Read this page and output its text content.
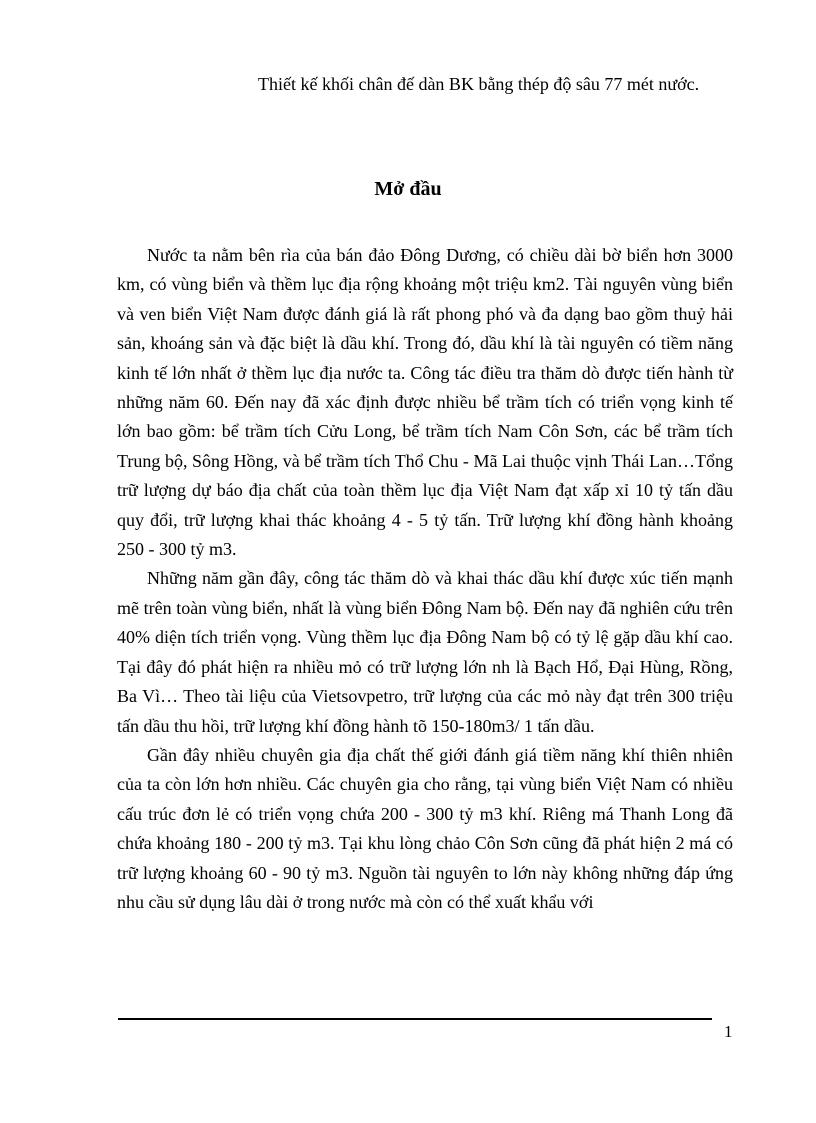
Thiết kế khối chân đế dàn BK bằng thép độ sâu 77 mét nước.
Mở đầu

Nước ta nằm bên rìa của bán đảo Đông Dương, có chiều dài bờ biển hơn 3000 km, có vùng biển và thềm lục địa rộng khoảng một triệu km2. Tài nguyên vùng biển và ven biển Việt Nam được đánh giá là rất phong phó và đa dạng bao gồm thuỷ hải sản, khoáng sản và đặc biệt là dầu khí. Trong đó, dầu khí là tài nguyên có tiềm năng kinh tế lớn nhất ở thềm lục địa nước ta. Công tác điều tra thăm dò được tiến hành từ những năm 60. Đến nay đã xác định được nhiều bể trầm tích có triển vọng kinh tế lớn bao gồm: bể trầm tích Cửu Long, bể trầm tích Nam Côn Sơn, các bể trầm tích Trung bộ, Sông Hồng, và bể trầm tích Thổ Chu - Mã Lai thuộc vịnh Thái Lan…Tổng trữ lượng dự báo địa chất của toàn thềm lục địa Việt Nam đạt xấp xỉ 10 tỷ tấn dầu quy đổi, trữ lượng khai thác khoảng 4 - 5 tỷ tấn. Trữ lượng khí đồng hành khoảng 250 - 300 tỷ m3.

Những năm gần đây, công tác thăm dò và khai thác dầu khí được xúc tiến mạnh mẽ trên toàn vùng biển, nhất là vùng biển Đông Nam bộ. Đến nay đã nghiên cứu trên 40% diện tích triển vọng. Vùng thềm lục địa Đông Nam bộ có tỷ lệ gặp dầu khí cao. Tại đây đó phát hiện ra nhiều mỏ có trữ lượng lớn nh là Bạch Hổ, Đại Hùng, Rồng, Ba Vì… Theo tài liệu của Vietsovpetro, trữ lượng của các mỏ này đạt trên 300 triệu tấn dầu thu hồi, trữ lượng khí đồng hành tõ 150-180m3/ 1 tấn dầu.

Gần đây nhiều chuyên gia địa chất thế giới đánh giá tiềm năng khí thiên nhiên của ta còn lớn hơn nhiều. Các chuyên gia cho rằng, tại vùng biển Việt Nam có nhiều cấu trúc đơn lẻ có triển vọng chứa 200 - 300 tỷ m3 khí. Riêng má Thanh Long đã chứa khoảng 180 - 200 tỷ m3. Tại khu lòng chảo Côn Sơn cũng đã phát hiện 2 má có trữ lượng khoảng 60 - 90 tỷ m3. Nguồn tài nguyên to lớn này không những đáp ứng nhu cầu sử dụng lâu dài ở trong nước mà còn có thể xuất khẩu với

1
